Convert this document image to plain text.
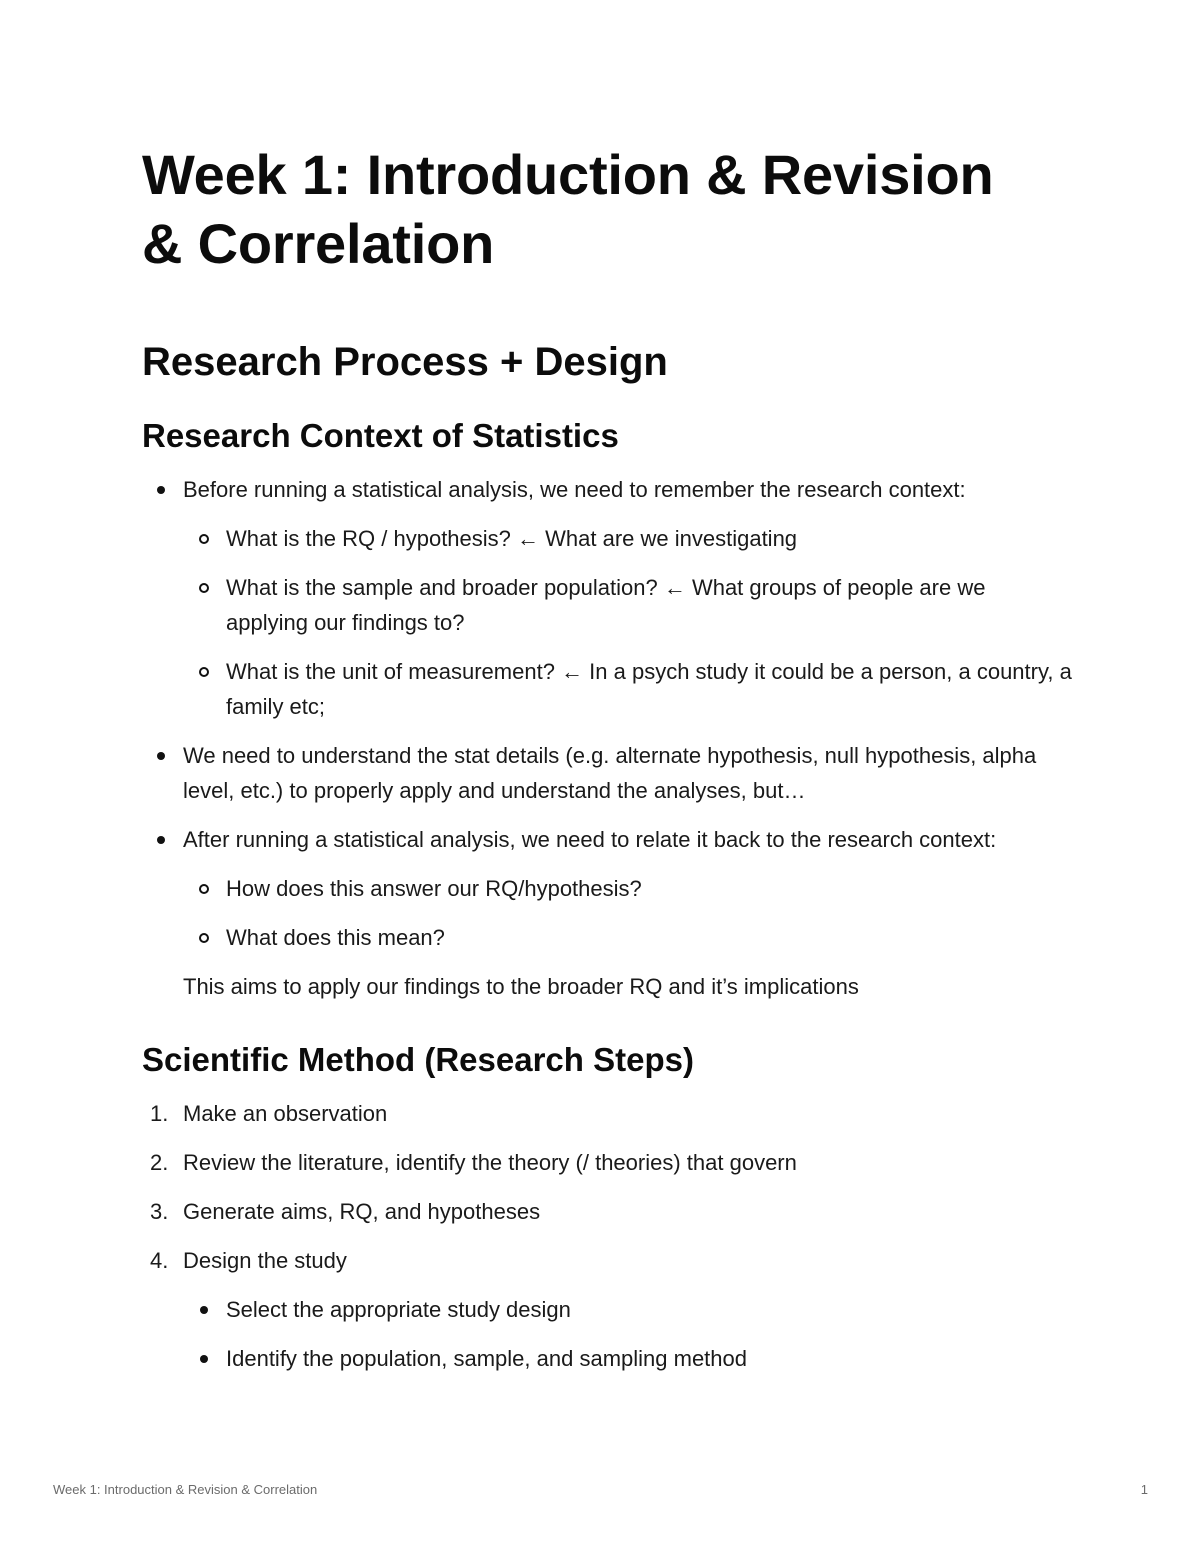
Week 1: Introduction & Revision
& Correlation
Research Process + Design
Research Context of Statistics
Before running a statistical analysis, we need to remember the research context:
What is the RQ / hypothesis? ← What are we investigating
What is the sample and broader population? ← What groups of people are we applying our findings to?
What is the unit of measurement? ← In a psych study it could be a person, a country, a family etc;
We need to understand the stat details (e.g. alternate hypothesis, null hypothesis, alpha level, etc.) to properly apply and understand the analyses, but…
After running a statistical analysis, we need to relate it back to the research context:
How does this answer our RQ/hypothesis?
What does this mean?
This aims to apply our findings to the broader RQ and it’s implications
Scientific Method (Research Steps)
1. Make an observation
2. Review the literature, identify the theory (/ theories) that govern
3. Generate aims, RQ, and hypotheses
4. Design the study
Select the appropriate study design
Identify the population, sample, and sampling method
Week 1: Introduction & Revision & Correlation	1
